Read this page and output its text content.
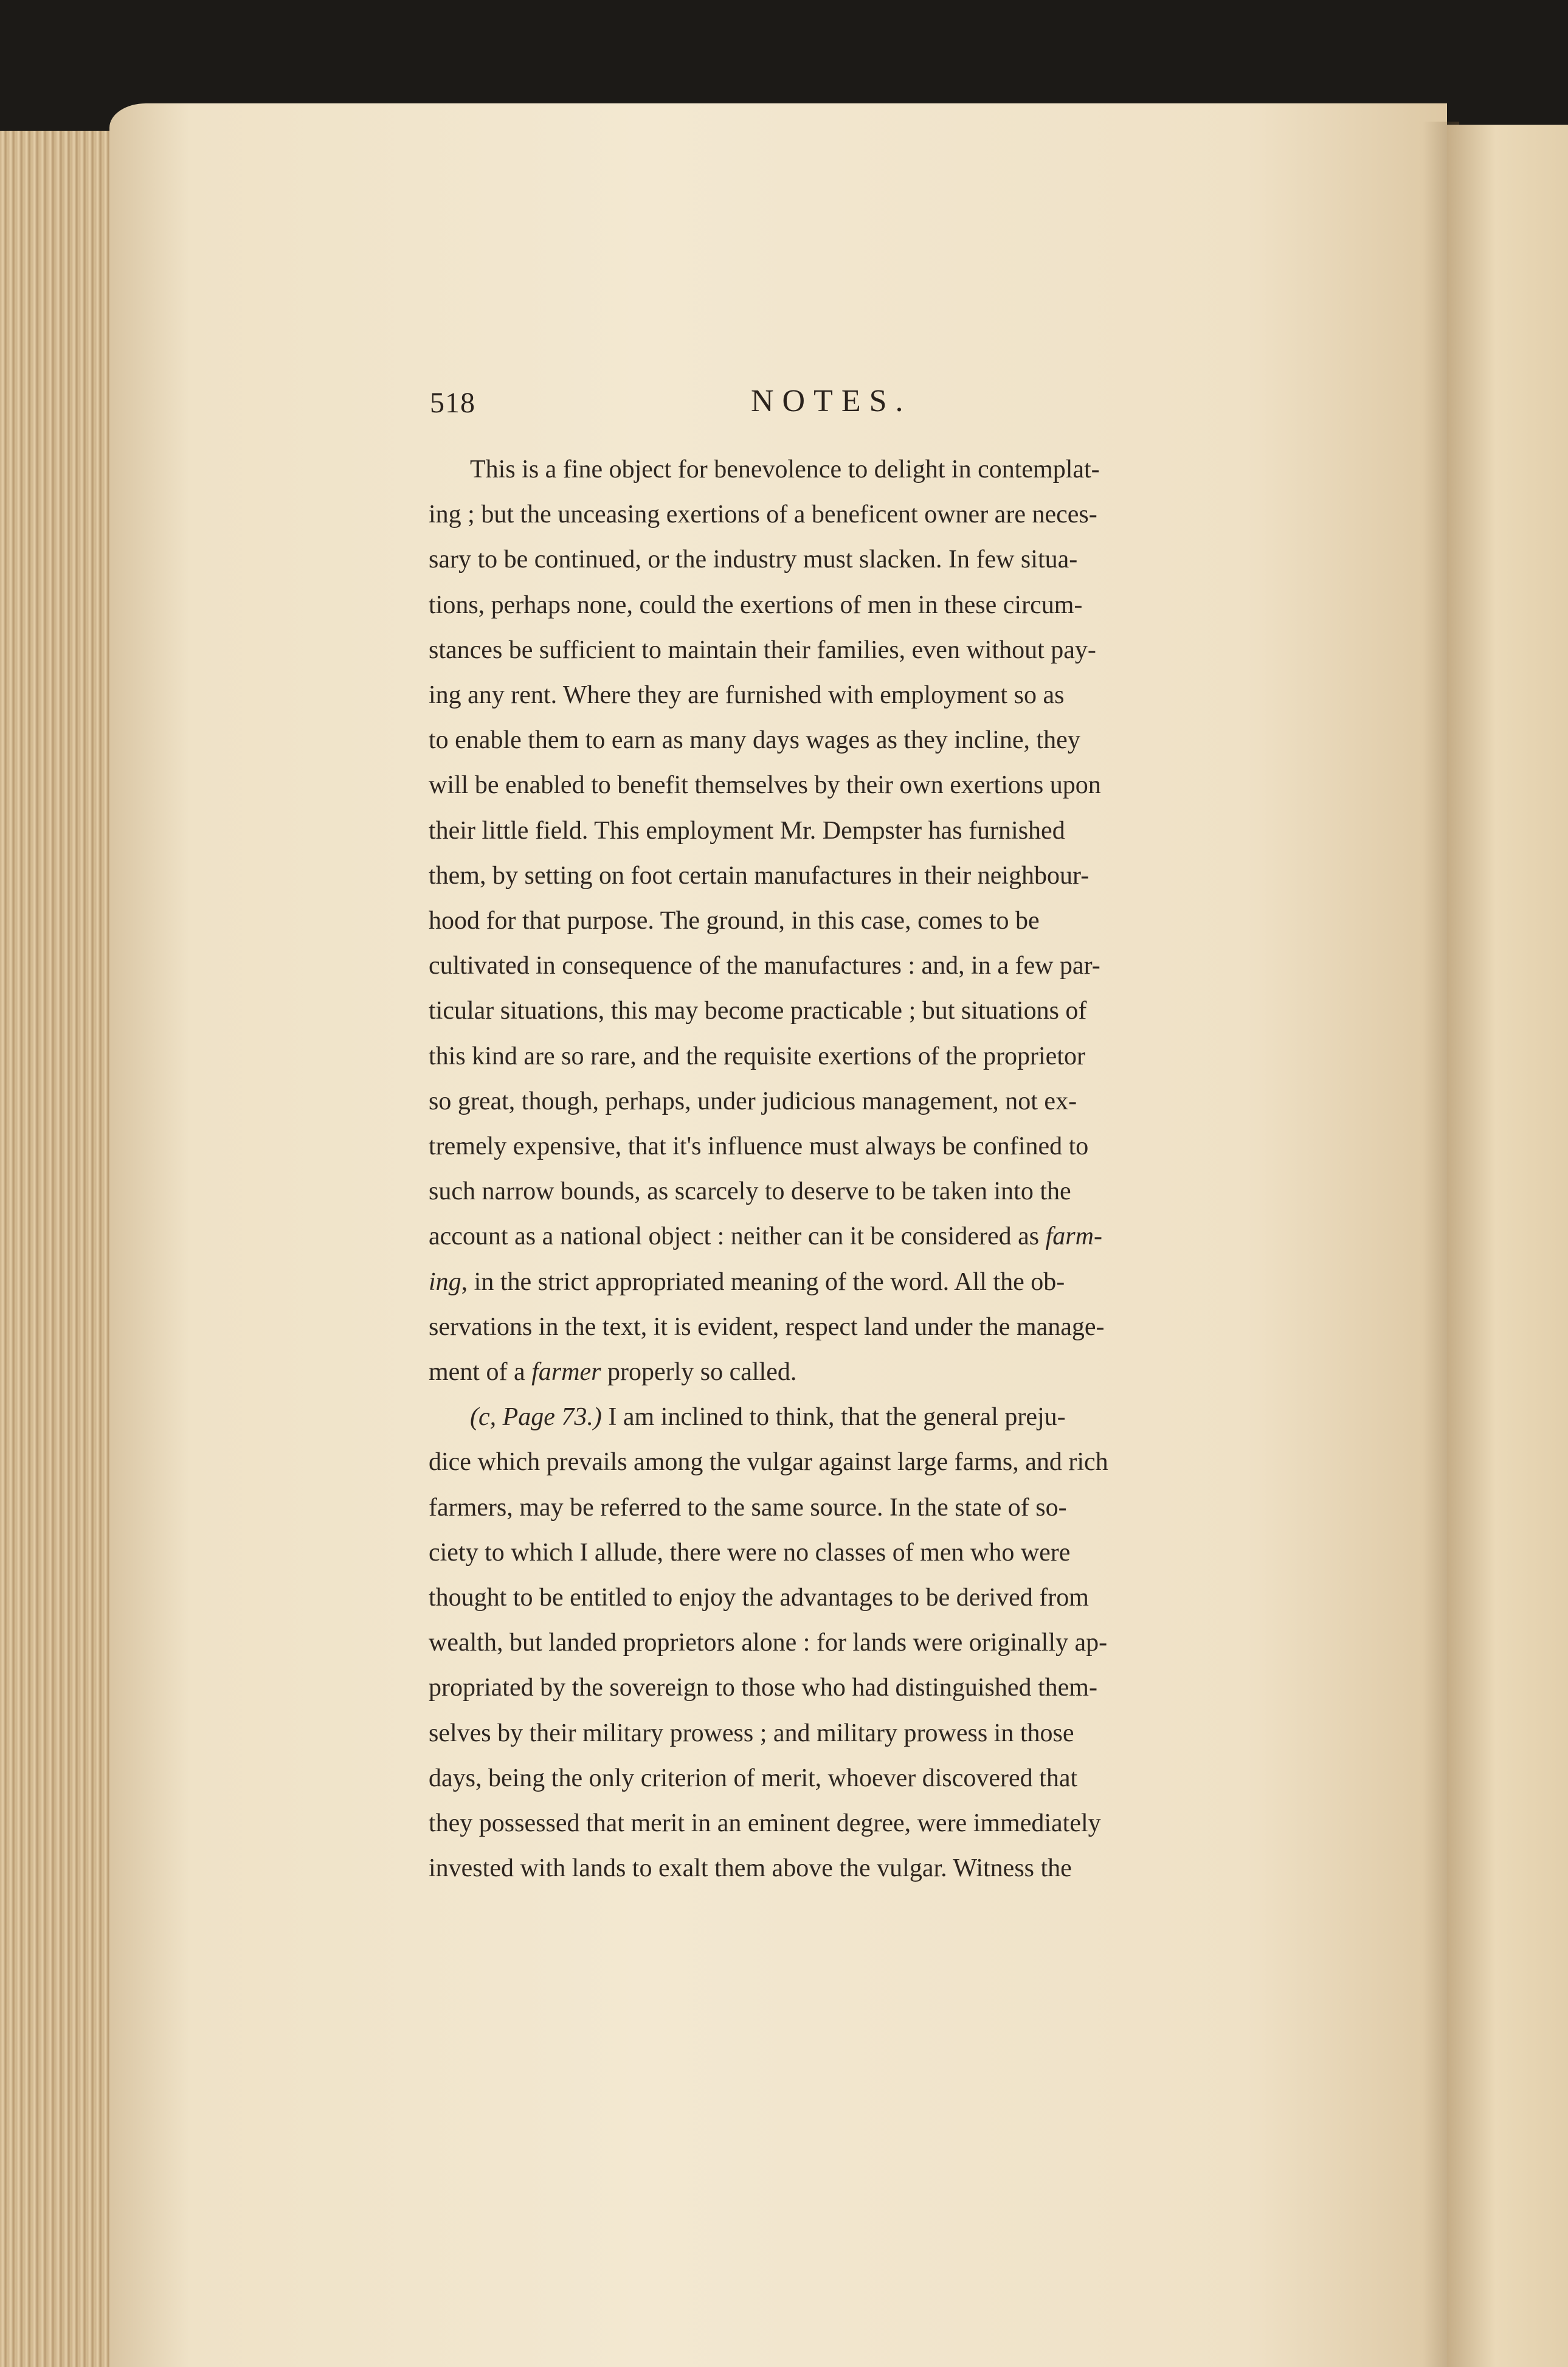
518	NOTES.

This is a fine object for benevolence to delight in contemplat-
ing ; but the unceasing exertions of a beneficent owner are neces-
sary to be continued, or the industry must slacken. In few situa-
tions, perhaps none, could the exertions of men in these circum-
stances be sufficient to maintain their families, even without pay-
ing any rent. Where they are furnished with employment so as
to enable them to earn as many days wages as they incline, they
will be enabled to benefit themselves by their own exertions upon
their little field. This employment Mr. Dempster has furnished
them, by setting on foot certain manufactures in their neighbour-
hood for that purpose. The ground, in this case, comes to be
cultivated in consequence of the manufactures : and, in a few par-
ticular situations, this may become practicable ; but situations of
this kind are so rare, and the requisite exertions of the proprietor
so great, though, perhaps, under judicious management, not ex-
tremely expensive, that it's influence must always be confined to
such narrow bounds, as scarcely to deserve to be taken into the
account as a national object : neither can it be considered as farm-
ing, in the strict appropriated meaning of the word. All the ob-
servations in the text, it is evident, respect land under the manage-
ment of a farmer properly so called.

(c, Page 73.) I am inclined to think, that the general preju-
dice which prevails among the vulgar against large farms, and rich
farmers, may be referred to the same source. In the state of so-
ciety to which I allude, there were no classes of men who were
thought to be entitled to enjoy the advantages to be derived from
wealth, but landed proprietors alone : for lands were originally ap-
propriated by the sovereign to those who had distinguished them-
selves by their military prowess ; and military prowess in those
days, being the only criterion of merit, whoever discovered that
they possessed that merit in an eminent degree, were immediately
invested with lands to exalt them above the vulgar. Witness the
